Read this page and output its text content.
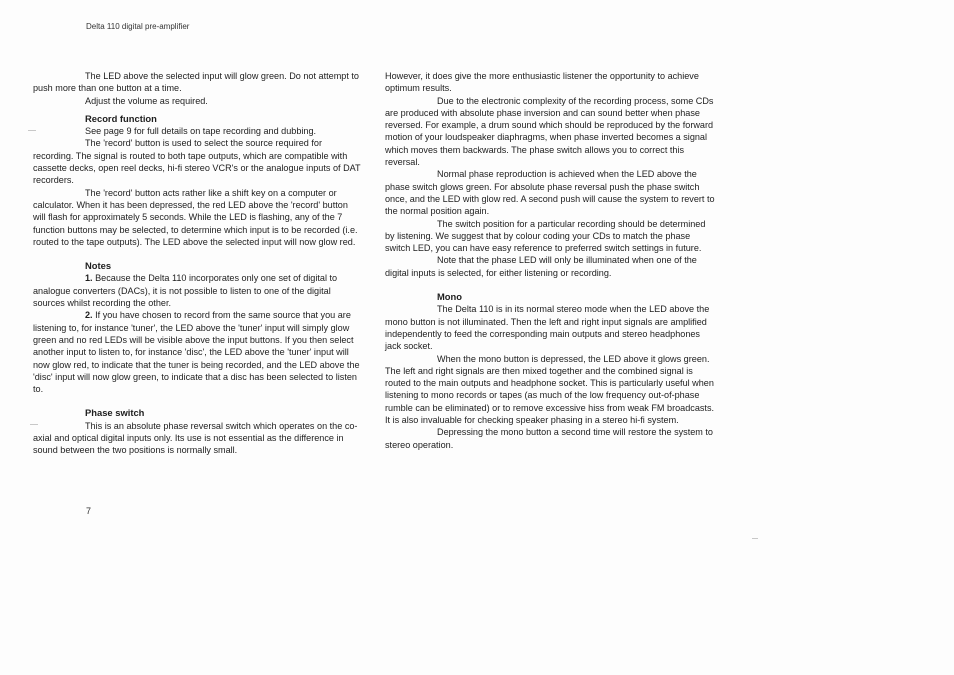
Delta 110 digital pre-amplifier

The LED above the selected input will glow green. Do not attempt to push more than one button at a time.

Adjust the volume as required.

Record function

See page 9 for full details on tape recording and dubbing.

The 'record' button is used to select the source required for recording. The signal is routed to both tape outputs, which are compatible with cassette decks, open reel decks, hi-fi stereo VCR's or the analogue inputs of DAT recorders.

The 'record' button acts rather like a shift key on a computer or calculator. When it has been depressed, the red LED above the 'record' button will flash for approximately 5 seconds. While the LED is flashing, any of the 7 function buttons may be selected, to determine which input is to be recorded (i.e. routed to the tape outputs). The LED above the selected input will now glow red.

Notes

1. Because the Delta 110 incorporates only one set of digital to analogue converters (DACs), it is not possible to listen to one of the digital sources whilst recording the other.

2. If you have chosen to record from the same source that you are listening to, for instance 'tuner', the LED above the 'tuner' input will simply glow green and no red LEDs will be visible above the input buttons. If you then select another input to listen to, for instance 'disc', the LED above the 'tuner' input will now glow red, to indicate that the tuner is being recorded, and the LED above the 'disc' input will now glow green, to indicate that a disc has been selected to listen to.

Phase switch

This is an absolute phase reversal switch which operates on the co-axial and optical digital inputs only. Its use is not essential as the difference in sound between the two positions is normally small.

However, it does give the more enthusiastic listener the opportunity to achieve optimum results.

Due to the electronic complexity of the recording process, some CDs are produced with absolute phase inversion and can sound better when phase reversed. For example, a drum sound which should be reproduced by the forward motion of your loudspeaker diaphragms, when phase inverted becomes a signal which moves them backwards. The phase switch allows you to correct this reversal.

Normal phase reproduction is achieved when the LED above the phase switch glows green. For absolute phase reversal push the phase switch once, and the LED with glow red. A second push will cause the system to revert to the normal position again.

The switch position for a particular recording should be determined by listening. We suggest that by colour coding your CDs to match the phase switch LED, you can have easy reference to preferred switch settings in future.

Note that the phase LED will only be illuminated when one of the digital inputs is selected, for either listening or recording.

Mono

The Delta 110 is in its normal stereo mode when the LED above the mono button is not illuminated. Then the left and right input signals are amplified independently to feed the corresponding main outputs and stereo headphones jack socket.

When the mono button is depressed, the LED above it glows green. The left and right signals are then mixed together and the combined signal is routed to the main outputs and headphone socket. This is particularly useful when listening to mono records or tapes (as much of the low frequency out-of-phase rumble can be eliminated) or to remove excessive hiss from weak FM broadcasts. It is also invaluable for checking speaker phasing in a stereo hi-fi system.

Depressing the mono button a second time will restore the system to stereo operation.

7
